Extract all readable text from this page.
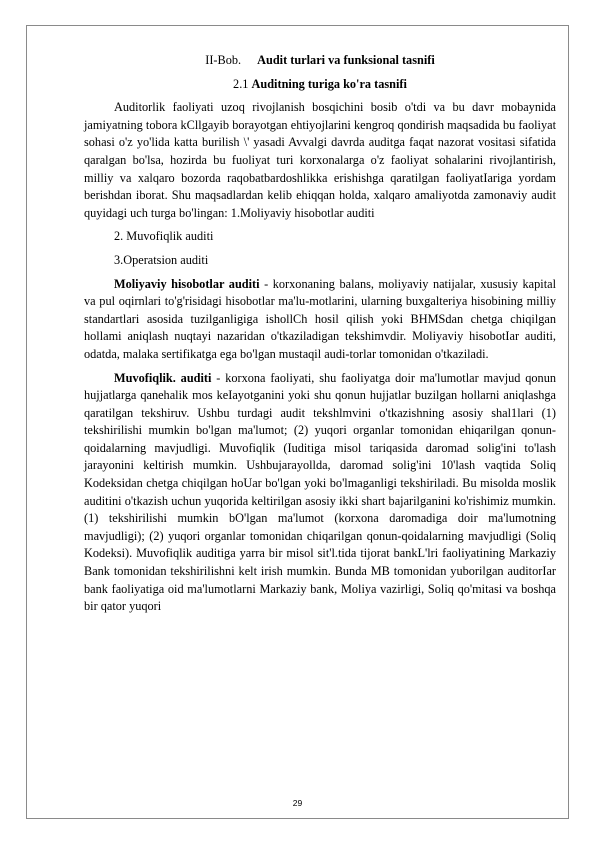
II-Bob. Audit turlari va funksional tasnifi
2.1 Auditning turiga ko'ra tasnifi

Auditorlik faoliyati uzoq rivojlanish bosqichini bosib o'tdi va bu davr mobaynida jamiyatning tobora kCllgayib borayotgan ehtiyojlarini kengroq qondirish maqsadida bu faoliyat sohasi o'z yo'lida katta burilish \' yasadi Avvalgi davrda auditga faqat nazorat vositasi sifatida qaralgan bo'lsa, hozirda bu fuoliyat turi korxonalarga o'z faoliyat sohalarini rivojlantirish, milliy va xalqaro bozorda raqobatbardoshlikka erishishga qaratilgan faoliyatIariga yordam berishdan iborat. Shu maqsadlardan kelib ehiqqan holda, xalqaro amaliyotda zamonaviy audit quyidagi uch turga bo'lingan: 1.Moliyaviy hisobotlar auditi

2. Muvofiqlik auditi
3.Operatsion auditi

Moliyaviy hisobotlar auditi - korxonaning balans, moliyaviy natijalar, xususiy kapital va pul oqirnlari to'g'risidagi hisobotlar ma'lu-motlarini, ularning buxgalteriya hisobining milliy standartlari asosida tuzilganligiga ishollCh hosil qilish yoki BHMSdan chetga chiqilgan hollami aniqlash nuqtayi nazaridan o'tkaziladigan tekshimvdir. Moliyaviy hisobotIar auditi, odatda, malaka sertifikatga ega bo'lgan mustaqil audi-torlar tomonidan o'tkaziladi.

Muvofiqlik. auditi - korxona faoliyati, shu faoliyatga doir ma'lumotlar mavjud qonun hujjatlarga qanehalik mos keIayotganini yoki shu qonun hujjatlar buzilgan hollarni aniqlashga qaratilgan tekshiruv. Ushbu turdagi audit tekshlmvini o'tkazishning asosiy shal1lari (1) tekshirilishi mumkin bo'lgan ma'lumot; (2) yuqori organlar tomonidan ehiqarilgan qonun-qoidalarning mavjudligi. Muvofiqlik (Iuditiga misol tariqasida daromad solig'ini to'lash jarayonini keltirish mumkin. Ushbujarayollda, daromad solig'ini 10'lash vaqtida Soliq Kodeksidan chetga chiqilgan hoUar bo'lgan yoki bo'lmaganligi tekshiriladi. Bu misolda moslik auditini o'tkazish uchun yuqorida keltirilgan asosiy ikki shart bajarilganini ko'rishimiz mumkin. (1) tekshirilishi mumkin bO'lgan ma'lumot (korxona daromadiga doir ma'lumotning mavjudligi); (2) yuqori organlar tomonidan chiqarilgan qonun-qoidalarning mavjudligi (Soliq Kodeksi). Muvofiqlik auditiga yarra bir misol sit'l.tida tijorat bankL'lri faoliyatining Markaziy Bank tomonidan tekshirilishni kelt irish mumkin. Bunda MB tomonidan yuborilgan auditorIar bank faoliyatiga oid ma'lumotlarni Markaziy bank, Moliya vazirligi, Soliq qo'mitasi va boshqa bir qator yuqori

29
